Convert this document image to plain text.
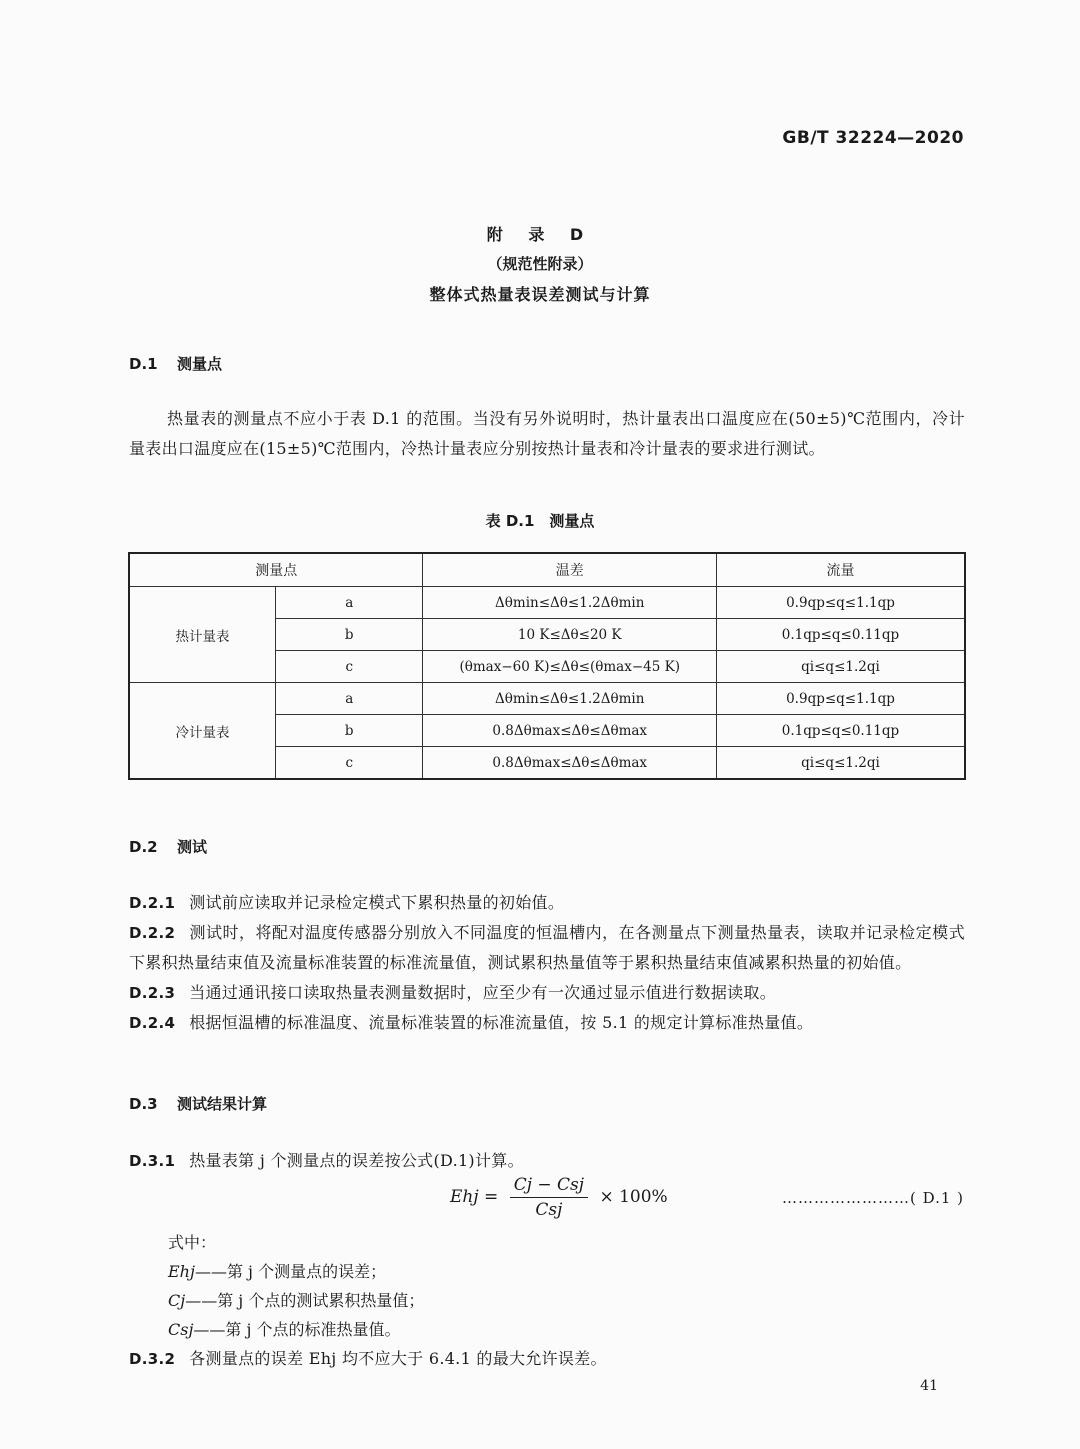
GB/T 32224—2020
附 录 D
（规范性附录）
整体式热量表误差测试与计算
D.1 测量点
热量表的测量点不应小于表 D.1 的范围。当没有另外说明时，热计量表出口温度应在(50±5)℃范围内，冷计量表出口温度应在(15±5)℃范围内，冷热计量表应分别按热计量表和冷计量表的要求进行测试。
表 D.1　测量点
测量点		温差	流量
热计量表	a	Δθmin≤Δθ≤1.2Δθmin	0.9qp≤q≤1.1qp
	b	10 K≤Δθ≤20 K	0.1qp≤q≤0.11qp
	c	(θmax−60 K)≤Δθ≤(θmax−45 K)	qi≤q≤1.2qi
冷计量表	a	Δθmin≤Δθ≤1.2Δθmin	0.9qp≤q≤1.1qp
	b	0.8Δθmax≤Δθ≤Δθmax	0.1qp≤q≤0.11qp
	c	0.8Δθmax≤Δθ≤Δθmax	qi≤q≤1.2qi
D.2 测试
D.2.1 测试前应读取并记录检定模式下累积热量的初始值。
D.2.2 测试时，将配对温度传感器分别放入不同温度的恒温槽内，在各测量点下测量热量表，读取并记录检定模式下累积热量结束值及流量标准装置的标准流量值，测试累积热量值等于累积热量结束值减累积热量的初始值。
D.2.3 当通过通讯接口读取热量表测量数据时，应至少有一次通过显示值进行数据读取。
D.2.4 根据恒温槽的标准温度、流量标准装置的标准流量值，按 5.1 的规定计算标准热量值。
D.3 测试结果计算
D.3.1 热量表第 j 个测量点的误差按公式(D.1)计算。
Ehj = $\frac{\text{Cj − Csj}}{\text{Csj}} \times 100\%$	……………………( D.1 )
式中：
Ehj——第 j 个测量点的误差；
Cj——第 j 个点的测试累积热量值；
Csj——第 j 个点的标准热量值。
D.3.2 各测量点的误差 Ehj 均不应大于 6.4.1 的最大允许误差。
41
